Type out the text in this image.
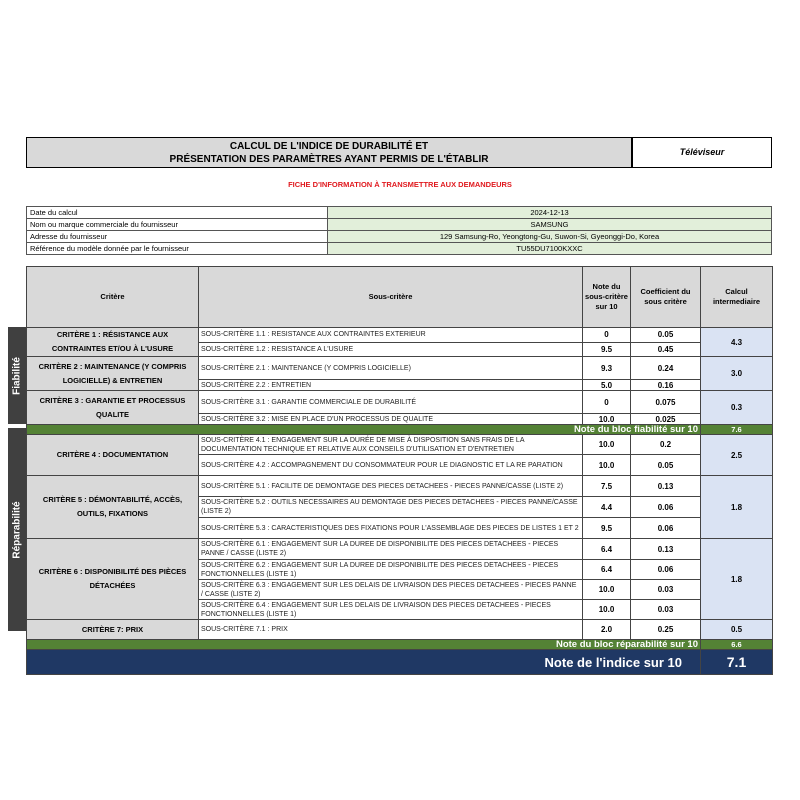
CALCUL DE L'INDICE DE DURABILITÉ ET
PRÉSENTATION DES PARAMÈTRES AYANT PERMIS DE L'ÉTABLIR
Téléviseur
FICHE D'INFORMATION À TRANSMETTRE AUX DEMANDEURS
Date du calcul	2024-12-13
Nom ou marque commerciale du fournisseur	SAMSUNG
Adresse du fournisseur	129 Samsung-Ro, Yeongtong-Gu, Suwon-Si, Gyeonggi-Do, Korea
Référence du modèle donnée par le fournisseur	TU55DU7100KXXC
Critère	Sous-critère	Note du sous-critère sur 10	Coefficient du sous critère	Calcul intermediaire
CRITÈRE 1 : RÉSISTANCE AUX CONTRAINTES ET/OU À L'USURE	SOUS-CRITÈRE 1.1 : RESISTANCE AUX CONTRAINTES EXTERIEUR	0	0.05	4.3
	SOUS-CRITÈRE 1.2 : RESISTANCE A L'USURE	9.5	0.45	
CRITÈRE 2 : MAINTENANCE (Y COMPRIS LOGICIELLE) & ENTRETIEN	SOUS-CRITÈRE 2.1 : MAINTENANCE (Y COMPRIS LOGICIELLE)	9.3	0.24	3.0
	SOUS-CRITÈRE 2.2 : ENTRETIEN	5.0	0.16	
CRITÈRE 3 : GARANTIE ET PROCESSUS QUALITE	SOUS-CRITÈRE 3.1 : GARANTIE COMMERCIALE DE DURABILITÉ	0	0.075	0.3
	SOUS-CRITÈRE 3.2 : MISE EN PLACE D'UN PROCESSUS DE QUALITE	10.0	0.025	
Note du bloc fiabilité sur 10				7.6
CRITÈRE 4 : DOCUMENTATION	SOUS-CRITÈRE 4.1 : ENGAGEMENT SUR LA DURÉE DE MISE À DISPOSITION SANS FRAIS DE LA DOCUMENTATION TECHNIQUE ET RELATIVE AUX CONSEILS D'UTILISATION ET D'ENTRETIEN	10.0	0.2	2.5
	SOUS-CRITÈRE 4.2 : ACCOMPAGNEMENT DU CONSOMMATEUR POUR LE DIAGNOSTIC ET LA RE PARATION	10.0	0.05	
CRITÈRE 5 : DÉMONTABILITÉ, ACCÈS, OUTILS, FIXATIONS	SOUS-CRITÈRE 5.1 : FACILITE DE DEMONTAGE DES PIECES DETACHEES - PIECES PANNE/CASSE (LISTE 2)	7.5	0.13	1.8
	SOUS-CRITÈRE 5.2 : OUTILS NECESSAIRES AU DEMONTAGE DES PIECES DETACHEES - PIECES PANNE/CASSE (LISTE 2)	4.4	0.06	
	SOUS-CRITÈRE 5.3 : CARACTERISTIQUES DES FIXATIONS POUR L'ASSEMBLAGE DES PIECES DE LISTES 1 ET 2	9.5	0.06	
CRITÈRE 6 : DISPONIBILITÉ DES PIÈCES DÉTACHÉES	SOUS-CRITÈRE 6.1 : ENGAGEMENT SUR LA DUREE DE DISPONIBILITE DES PIECES DETACHEES - PIECES PANNE / CASSE (LISTE 2)	6.4	0.13	1.8
	SOUS-CRITÈRE 6.2 : ENGAGEMENT SUR LA DUREE DE DISPONIBILITE DES PIECES DETACHEES - PIECES FONCTIONNELLES (LISTE 1)	6.4	0.06	
	SOUS-CRITÈRE 6.3 : ENGAGEMENT SUR LES DELAIS DE LIVRAISON DES PIECES DETACHEES - PIECES PANNE / CASSE (LISTE 2)	10.0	0.03	
	SOUS-CRITÈRE 6.4 : ENGAGEMENT SUR LES DELAIS DE LIVRAISON DES PIECES DETACHEES - PIECES FONCTIONNELLES (LISTE 1)	10.0	0.03	
CRITÈRE 7: PRIX	SOUS-CRITÈRE 7.1 : PRIX	2.0	0.25	0.5
Note du bloc réparabilité sur 10				6.6
Note de l'indice sur 10				7.1
Fiabilité
Réparabilité
